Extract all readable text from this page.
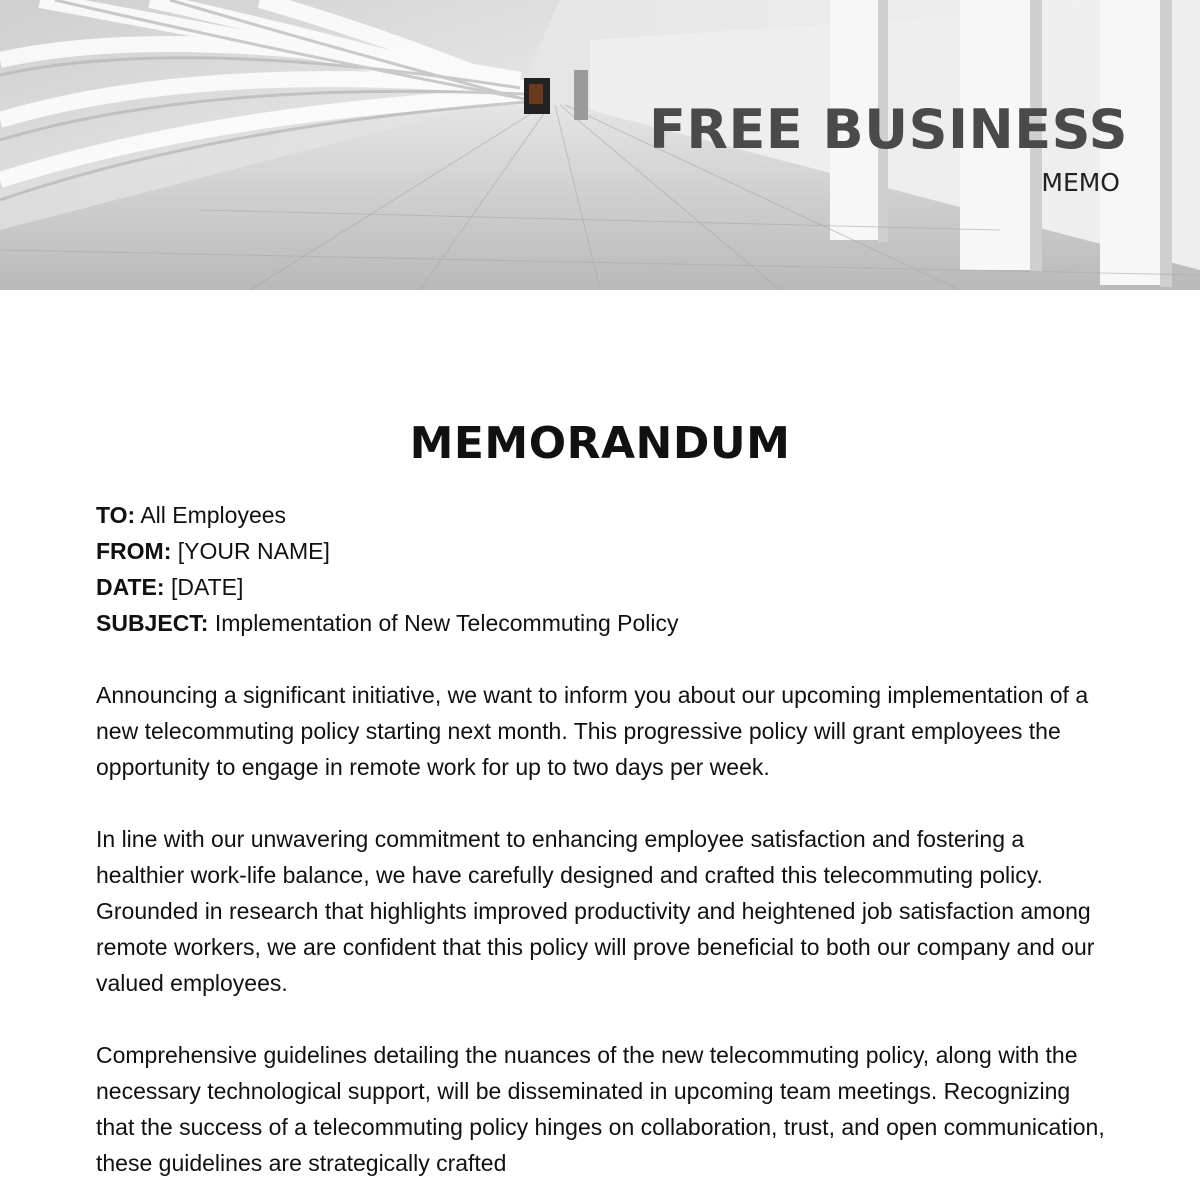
FREE BUSINESS
MEMO
MEMORANDUM
TO: All Employees
FROM: [YOUR NAME]
DATE: [DATE]
SUBJECT: Implementation of New Telecommuting Policy

Announcing a significant initiative, we want to inform you about our upcoming implementation of a new telecommuting policy starting next month. This progressive policy will grant employees the opportunity to engage in remote work for up to two days per week.

In line with our unwavering commitment to enhancing employee satisfaction and fostering a healthier work-life balance, we have carefully designed and crafted this telecommuting policy. Grounded in research that highlights improved productivity and heightened job satisfaction among remote workers, we are confident that this policy will prove beneficial to both our company and our valued employees.

Comprehensive guidelines detailing the nuances of the new telecommuting policy, along with the necessary technological support, will be disseminated in upcoming team meetings. Recognizing that the success of a telecommuting policy hinges on collaboration, trust, and open communication, these guidelines are strategically crafted
